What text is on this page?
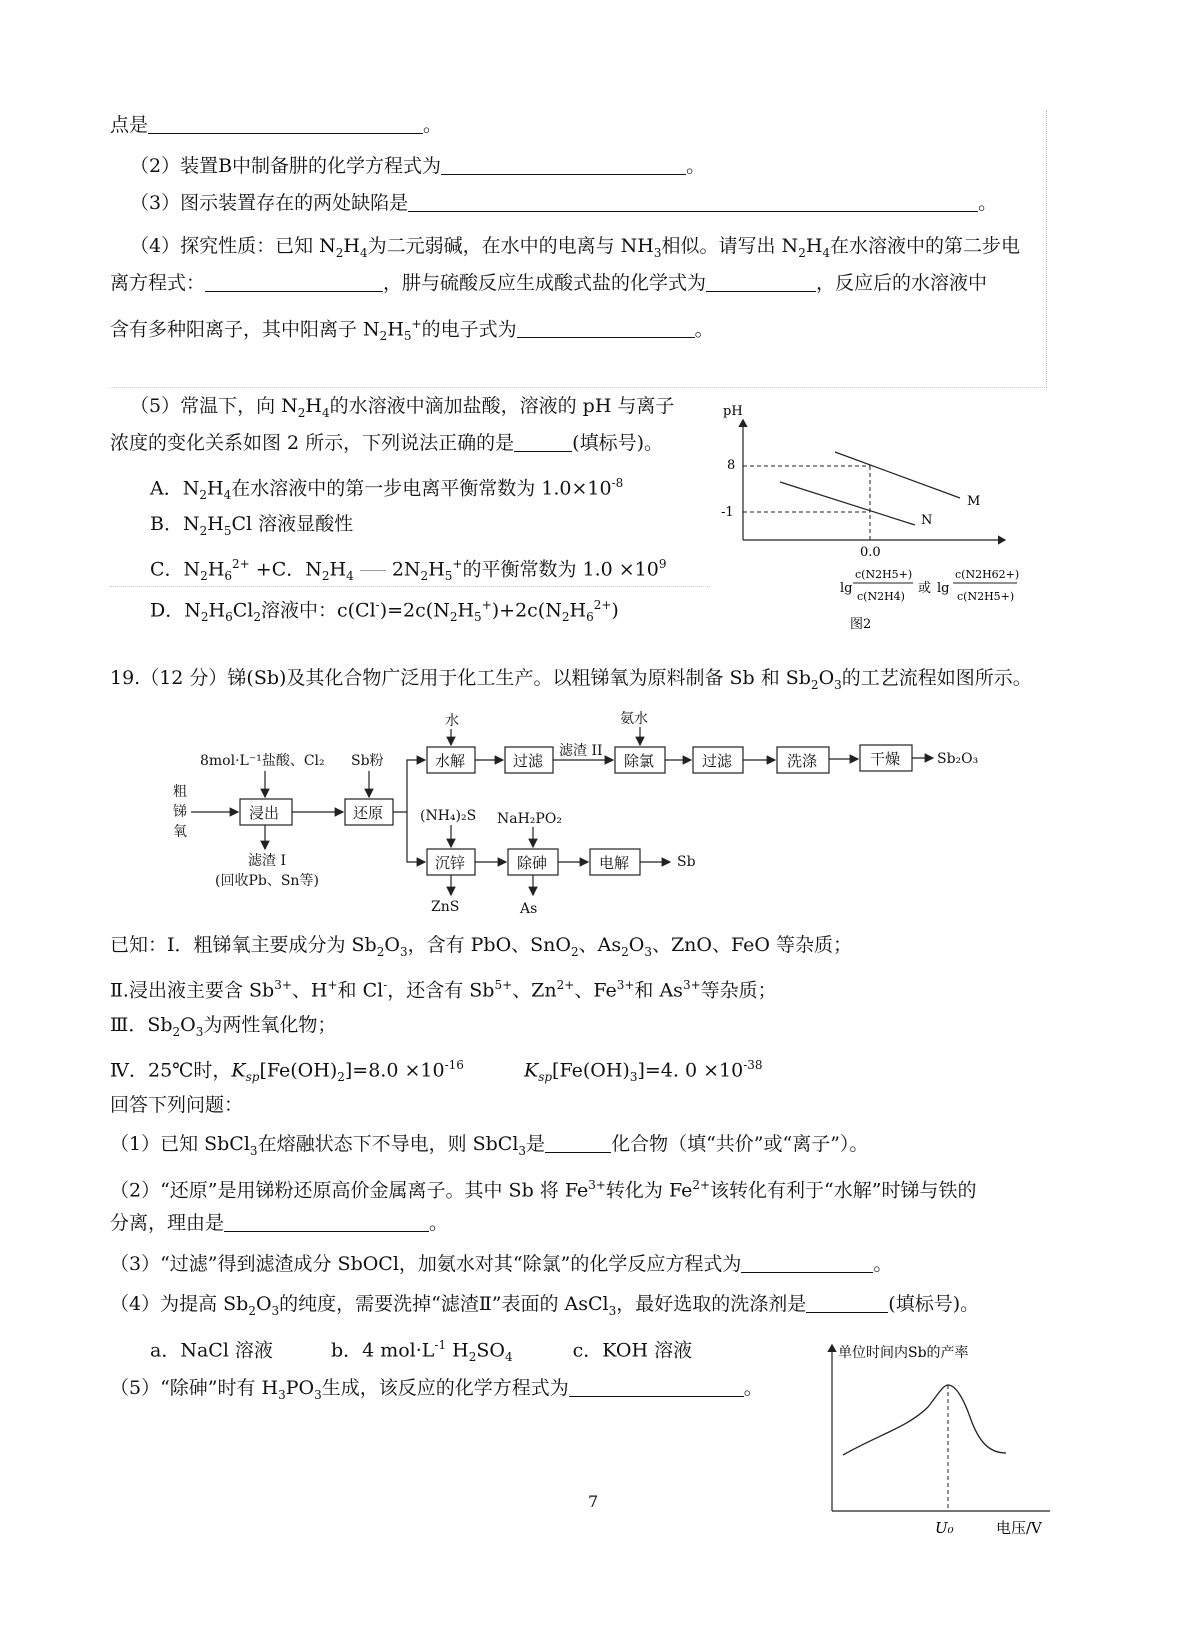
点是	。
（2）装置B中制备肼的化学方程式为	。
（3）图示装置存在的两处缺陷是	。
（4）探究性质：已知 $N_2H_4$为二元弱碱，在水中的电离与 $NH_3$相似。请写出 $N_2H_4$在水溶液中的第二步电
离方程式：	，肼与硫酸反应生成酸式盐的化学式为	，反应后的水溶液中
含有多种阳离子，其中阳离子 $N_2H_5^+$的电子式为	。
（5）常温下，向 $N_2H_4$的水溶液中滴加盐酸，溶液的 pH 与离子
浓度的变化关系如图 2 所示，下列说法正确的是	(填标号)。
A．$N_2H_4$在水溶液中的第一步电离平衡常数为 $1.0\times 10^{-8}$
B．$N_2H_5Cl$ 溶液显酸性
C．$N_2H_6^{2+} +C$．$N_2H_4$ $2N_2H_5^+$的平衡常数为 $1.0 \times 10^9$
D．$N_2H_6Cl_2$溶液中：$c(Cl^-)=2c(N_2H_5^+)+2c(N_2H_6^{2+})$
pH
8
-1
M
N
0.0
lg
c(N2H5+)
c(N2H4)
或 lg
c(N2H62+)
c(N2H5+)
图2
19.（12 分）锑(Sb)及其化合物广泛用于化工生产。以粗锑氧为原料制备 Sb 和 $Sb_2O_3$的工艺流程如图所示。
粗
锑
氧
8mol·L⁻¹盐酸、Cl₂ Sb粉
水
滤渣 II
氨水
Sb₂O₃
(NH₄)₂S NaH₂PO₂
Sb
滤渣 I
(回收Pb、Sn等)
ZnS	As
浸出	还原
水解	过滤	除氯	过滤	洗涤	干燥
沉锌	除砷	电解
已知：Ⅰ．粗锑氧主要成分为 $Sb_2O_3$，含有 PbO、SnO$_2$、$As_2O_3$、ZnO、FeO 等杂质；
Ⅱ.浸出液主要含 $Sb^{3+}$、H+和 Cl-，还含有 $Sb^{5+}$、$Zn^{2+}$、$Fe^{3+}$和 $As^{3+}$等杂质；
Ⅲ．$Sb_2O_3$为两性氧化物；
Ⅳ．25℃时，$K_{sp}[Fe(OH)_2]=8.0 \times 10^{-16}$	$K_{sp}[Fe(OH)_3]=4$. $0 \times 10^{-38}$
回答下列问题：
（1）已知 SbCl$_3$在熔融状态下不导电，则 SbCl$_3$是	化合物（填“共价”或“离子”）。
（2）“还原”是用锑粉还原高价金属离子。其中 Sb 将 $Fe^{3+}$转化为 $Fe^{2+}$该转化有利于“水解”时锑与铁的
分离，理由是	。
（3）“过滤”得到滤渣成分 SbOCl，加氨水对其“除氯”的化学反应方程式为	。
（4）为提高 $Sb_2O_3$的纯度，需要洗掉“滤渣Ⅱ”表面的 AsCl$_3$，最好选取的洗涤剂是	(填标号)。
a．NaCl 溶液	b．4 $mol\cdot L^{-1}$ $H_2SO_4$	c．KOH 溶液
（5）“除砷”时有 $H_3PO_3$生成，该反应的化学方程式为	。
单位时间内Sb的产率
U₀	电压/V
7
